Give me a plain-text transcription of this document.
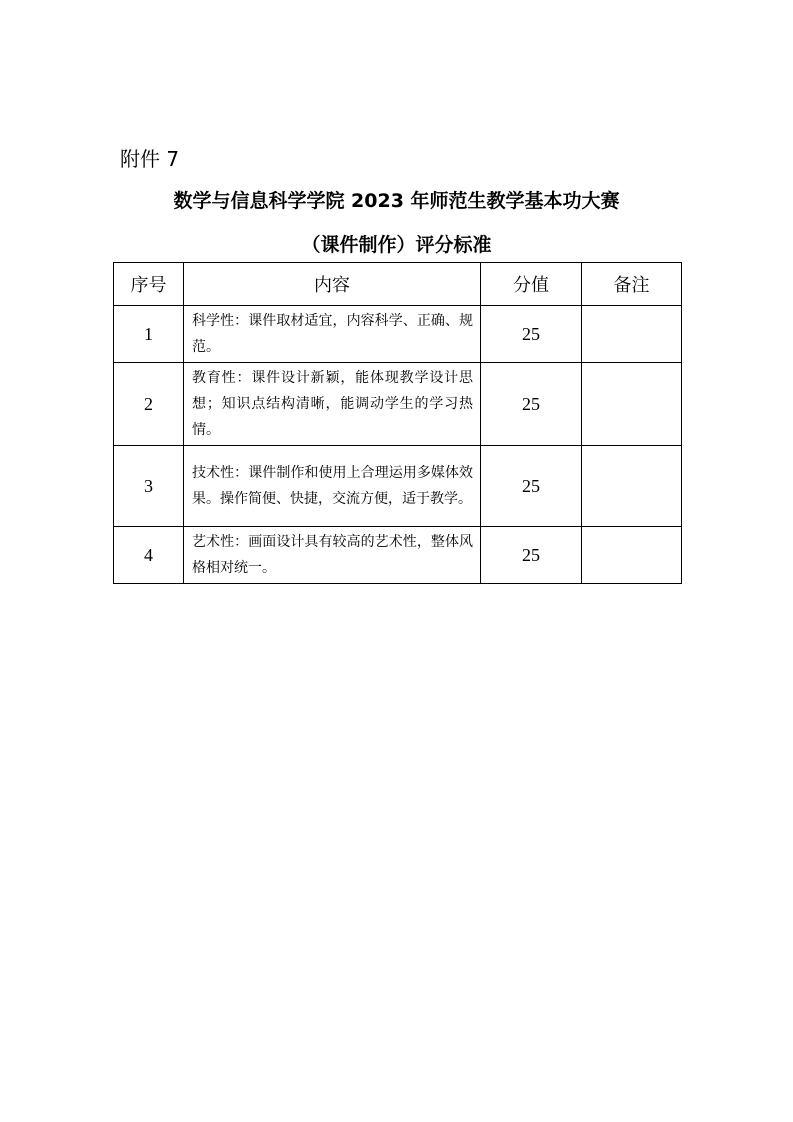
附件 7
数学与信息科学学院 2023 年师范生教学基本功大赛
（课件制作）评分标准
序号	内容	分值	备注
1	科学性：课件取材适宜，内容科学、正确、规范。	25	
2	教育性：课件设计新颖，能体现教学设计思想；知识点结构清晰，能调动学生的学习热情。	25	
3	技术性：课件制作和使用上合理运用多媒体效果。操作简便、快捷，交流方便，适于教学。	25	
4	艺术性：画面设计具有较高的艺术性，整体风格相对统一。	25	
